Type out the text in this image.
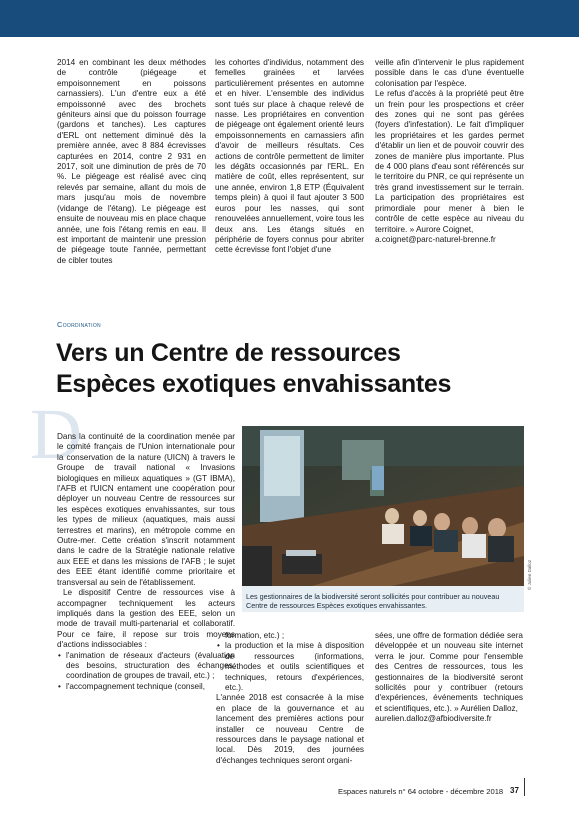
2014 en combinant les deux méthodes de contrôle (piégeage et empoisonnement en poissons carnassiers). L'un d'entre eux a été empoissonné avec des brochets géniteurs ainsi que du poisson fourrage (gardons et tanches). Les captures d'ERL ont nettement diminué dès la première année, avec 8 884 écrevisses capturées en 2014, contre 2 931 en 2017, soit une diminution de près de 70 %. Le piégeage est réalisé avec cinq relevés par semaine, allant du mois de mars jusqu'au mois de novembre (vidange de l'étang). Le piégeage est ensuite de nouveau mis en place chaque année, une fois l'étang remis en eau. Il est important de maintenir une pression de piégeage toute l'année, permettant de cibler toutes

les cohortes d'individus, notamment des femelles grainées et larvées particulièrement présentes en automne et en hiver. L'ensemble des individus sont tués sur place à chaque relevé de nasse. Les propriétaires en convention de piégeage ont également orienté leurs empoissonnements en carnassiers afin d'avoir de meilleurs résultats. Ces actions de contrôle permettent de limiter les dégâts occasionnés par l'ERL. En matière de coût, elles représentent, sur une année, environ 1,8 ETP (Équivalent temps plein) à quoi il faut ajouter 3 500 euros pour les nasses, qui sont renouvelées annuellement, voire tous les deux ans. Les étangs situés en périphérie de foyers connus pour abriter cette écrevisse font l'objet d'une

veille afin d'intervenir le plus rapidement possible dans le cas d'une éventuelle colonisation par l'espèce.

Le refus d'accès à la propriété peut être un frein pour les prospections et créer des zones qui ne sont pas gérées (foyers d'infestation). Le fait d'impliquer les propriétaires et les gardes permet d'établir un lien et de pouvoir couvrir des zones de manière plus importante. Plus de 4 000 plans d'eau sont référencés sur le territoire du PNR, ce qui représente un très grand investissement sur le terrain. La participation des propriétaires est primordiale pour mener à bien le contrôle de cette espèce au niveau du territoire. » Aurore Coignet,

a.coignet@parc-naturel-brenne.fr

Coordination
Vers un Centre de ressources
Espèces exotiques envahissantes
D

Dans la continuité de la coordination menée par le comité français de l'Union internationale pour la conservation de la nature (UICN) à travers le Groupe de travail national « Invasions biologiques en milieux aquatiques » (GT IBMA), l'AFB et l'UICN entament une coopération pour déployer un nouveau Centre de ressources sur les espèces exotiques envahissantes, sur tous les types de milieux (aquatiques, mais aussi terrestres et marins), en métropole comme en Outre-mer. Cette création s'inscrit notamment dans le cadre de la Stratégie nationale relative aux EEE et dans les missions de l'AFB ; le sujet des EEE étant identifié comme prioritaire et transversal au sein de l'établissement.

Le dispositif Centre de ressources vise à accompagner techniquement les acteurs impliqués dans la gestion des EEE, selon un mode de travail multi-partenarial et collaboratif. Pour ce faire, il repose sur trois moyens d'actions indissociables :

• l'animation de réseaux d'acteurs (évaluation des besoins, structuration des échanges, coordination de groupes de travail, etc.) ;
• l'accompagnement technique (conseil,
Les gestionnaires de la biodiversité seront sollicités pour contribuer au nouveau Centre de ressources Espèces exotiques envahissantes.
© Julien Dalloz

formation, etc.) ;

• la production et la mise à disposition de ressources (informations, méthodes et outils scientifiques et techniques, retours d'expériences, etc.).

L'année 2018 est consacrée à la mise en place de la gouvernance et au lancement des premières actions pour installer ce nouveau Centre de ressources dans le paysage national et local. Dès 2019, des journées d'échanges techniques seront organi-

sées, une offre de formation dédiée sera développée et un nouveau site internet verra le jour. Comme pour l'ensemble des Centres de ressources, tous les gestionnaires de la biodiversité seront sollicités pour y contribuer (retours d'expériences, événements techniques et scientifiques, etc.). » Aurélien Dalloz,

aurelien.dalloz@afbiodiversite.fr

Espaces naturels n° 64 octobre - décembre 2018 37
